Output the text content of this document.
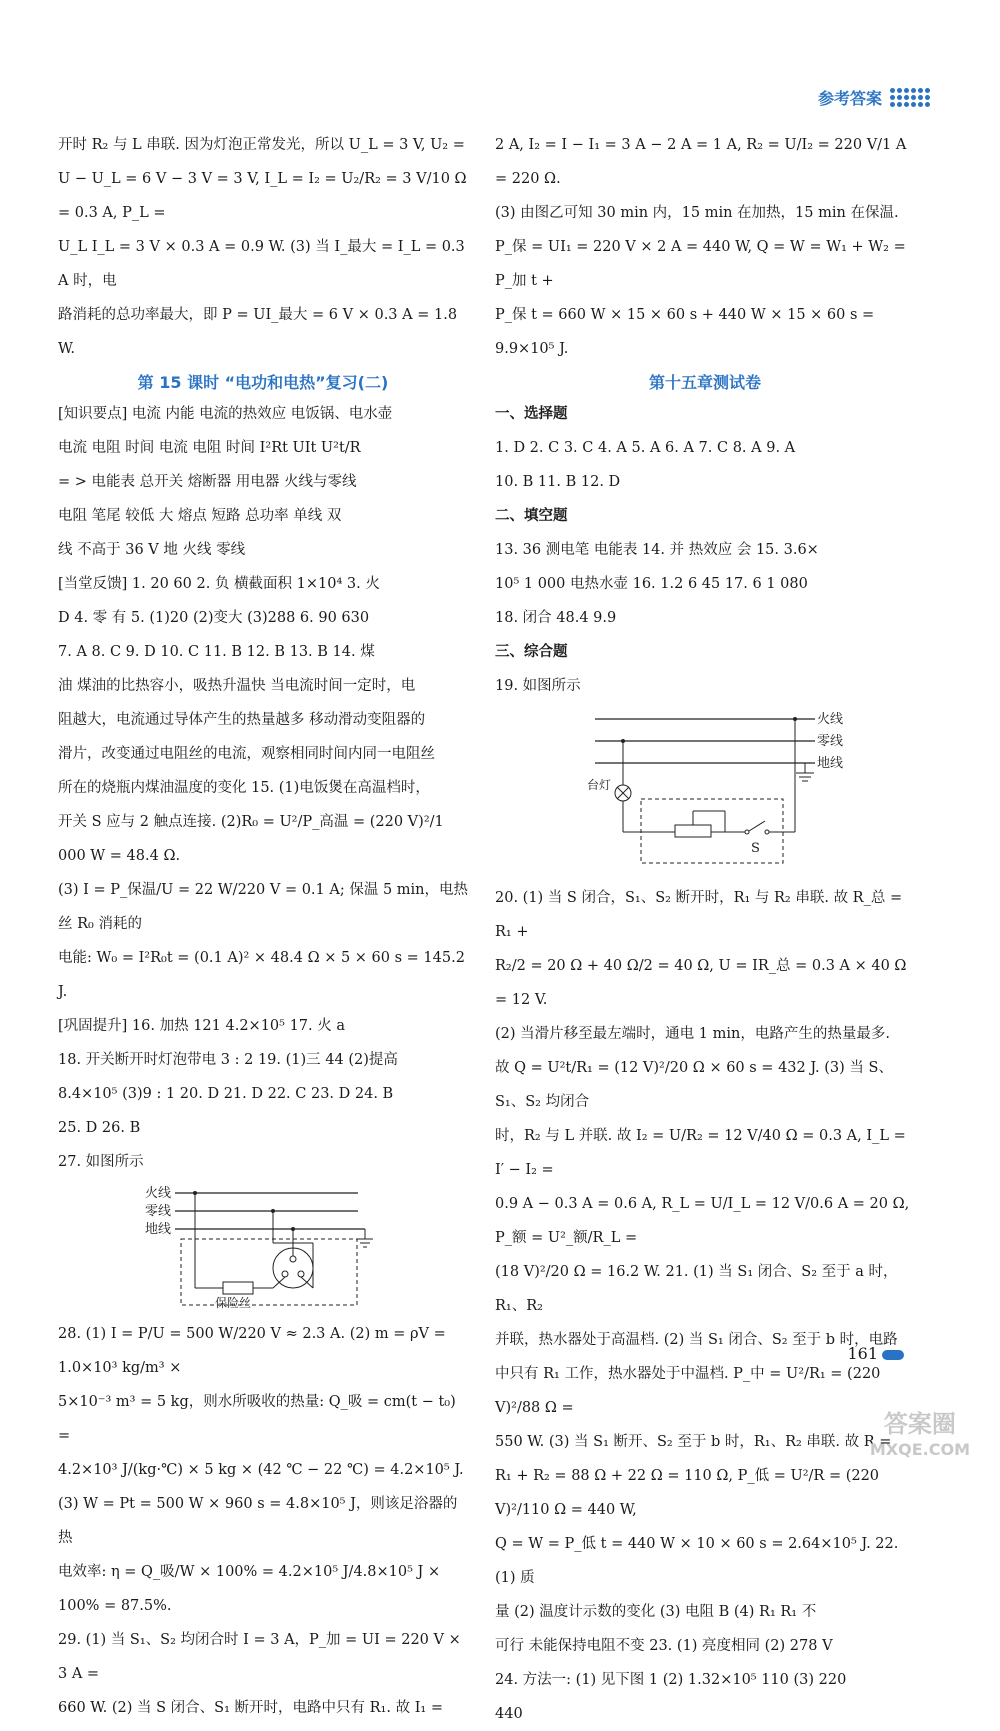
参考答案
开时 R₂ 与 L 串联. 因为灯泡正常发光，所以 U_L = 3 V, U₂ =
U − U_L = 6 V − 3 V = 3 V, I_L = I₂ = U₂/R₂ = 3 V/10 Ω = 0.3 A, P_L =
U_L I_L = 3 V × 0.3 A = 0.9 W. (3) 当 I_最大 = I_L = 0.3 A 时，电
路消耗的总功率最大，即 P = UI_最大 = 6 V × 0.3 A = 1.8 W.
第 15 课时 “电功和电热”复习(二)
[知识要点] 电流 内能 电流的热效应 电饭锅、电水壶
电流 电阻 时间 电流 电阻 时间 I²Rt UIt U²t/R
= > 电能表 总开关 熔断器 用电器 火线与零线
电阻 笔尾 较低 大 熔点 短路 总功率 单线 双
线 不高于 36 V 地 火线 零线
[当堂反馈] 1. 20 60 2. 负 横截面积 1×10⁴ 3. 火
D 4. 零 有 5. (1)20 (2)变大 (3)288 6. 90 630
7. A 8. C 9. D 10. C 11. B 12. B 13. B 14. 煤
油 煤油的比热容小，吸热升温快 当电流时间一定时，电
阻越大，电流通过导体产生的热量越多 移动滑动变阻器的
滑片，改变通过电阻丝的电流，观察相同时间内同一电阻丝
所在的烧瓶内煤油温度的变化 15. (1)电饭煲在高温档时，
开关 S 应与 2 触点连接. (2)R₀ = U²/P_高温 = (220 V)²/1 000 W = 48.4 Ω.
(3) I = P_保温/U = 22 W/220 V = 0.1 A; 保温 5 min，电热丝 R₀ 消耗的
电能: W₀ = I²R₀t = (0.1 A)² × 48.4 Ω × 5 × 60 s = 145.2 J.
[巩固提升] 16. 加热 121 4.2×10⁵ 17. 火 a
18. 开关断开时灯泡带电 3 : 2 19. (1)三 44 (2)提高
8.4×10⁵ (3)9 : 1 20. D 21. D 22. C 23. D 24. B
25. D 26. B
27. 如图所示
火线
零线
地线
保险丝
28. (1) I = P/U = 500 W/220 V ≈ 2.3 A. (2) m = ρV = 1.0×10³ kg/m³ ×
5×10⁻³ m³ = 5 kg，则水所吸收的热量: Q_吸 = cm(t − t₀) =
4.2×10³ J/(kg·℃) × 5 kg × (42 ℃ − 22 ℃) = 4.2×10⁵ J.
(3) W = Pt = 500 W × 960 s = 4.8×10⁵ J，则该足浴器的热
电效率: η = Q_吸/W × 100% = 4.2×10⁵ J/4.8×10⁵ J × 100% = 87.5%.
29. (1) 当 S₁、S₂ 均闭合时 I = 3 A，P_加 = UI = 220 V × 3 A =
660 W. (2) 当 S 闭合、S₁ 断开时，电路中只有 R₁. 故 I₁ =
2 A, I₂ = I − I₁ = 3 A − 2 A = 1 A, R₂ = U/I₂ = 220 V/1 A = 220 Ω.
(3) 由图乙可知 30 min 内，15 min 在加热，15 min 在保温.
P_保 = UI₁ = 220 V × 2 A = 440 W, Q = W = W₁ + W₂ = P_加 t +
P_保 t = 660 W × 15 × 60 s + 440 W × 15 × 60 s = 9.9×10⁵ J.
第十五章测试卷
一、选择题
1. D 2. C 3. C 4. A 5. A 6. A 7. C 8. A 9. A
10. B 11. B 12. D
二、填空题
13. 36 测电笔 电能表 14. 并 热效应 会 15. 3.6×
10⁵ 1 000 电热水壶 16. 1.2 6 45 17. 6 1 080
18. 闭合 48.4 9.9
三、综合题
19. 如图所示
火线
零线
地线
台灯
S
20. (1) 当 S 闭合，S₁、S₂ 断开时，R₁ 与 R₂ 串联. 故 R_总 = R₁ +
R₂/2 = 20 Ω + 40 Ω/2 = 40 Ω, U = IR_总 = 0.3 A × 40 Ω = 12 V.
(2) 当滑片移至最左端时，通电 1 min，电路产生的热量最多.
故 Q = U²t/R₁ = (12 V)²/20 Ω × 60 s = 432 J. (3) 当 S、S₁、S₂ 均闭合
时，R₂ 与 L 并联. 故 I₂ = U/R₂ = 12 V/40 Ω = 0.3 A, I_L = I′ − I₂ =
0.9 A − 0.3 A = 0.6 A, R_L = U/I_L = 12 V/0.6 A = 20 Ω, P_额 = U²_额/R_L =
(18 V)²/20 Ω = 16.2 W. 21. (1) 当 S₁ 闭合、S₂ 至于 a 时，R₁、R₂
并联，热水器处于高温档. (2) 当 S₁ 闭合、S₂ 至于 b 时，电路
中只有 R₁ 工作，热水器处于中温档. P_中 = U²/R₁ = (220 V)²/88 Ω =
550 W. (3) 当 S₁ 断开、S₂ 至于 b 时，R₁、R₂ 串联. 故 R =
R₁ + R₂ = 88 Ω + 22 Ω = 110 Ω, P_低 = U²/R = (220 V)²/110 Ω = 440 W,
Q = W = P_低 t = 440 W × 10 × 60 s = 2.64×10⁵ J. 22. (1) 质
量 (2) 温度计示数的变化 (3) 电阻 B (4) R₁ R₁ 不
可行 未能保持电阻不变 23. (1) 亮度相同 (2) 278 V
24. 方法一: (1) 见下图 1 (2) 1.32×10⁵ 110 (3) 220
440
161
答案圈
MXQE.COM
